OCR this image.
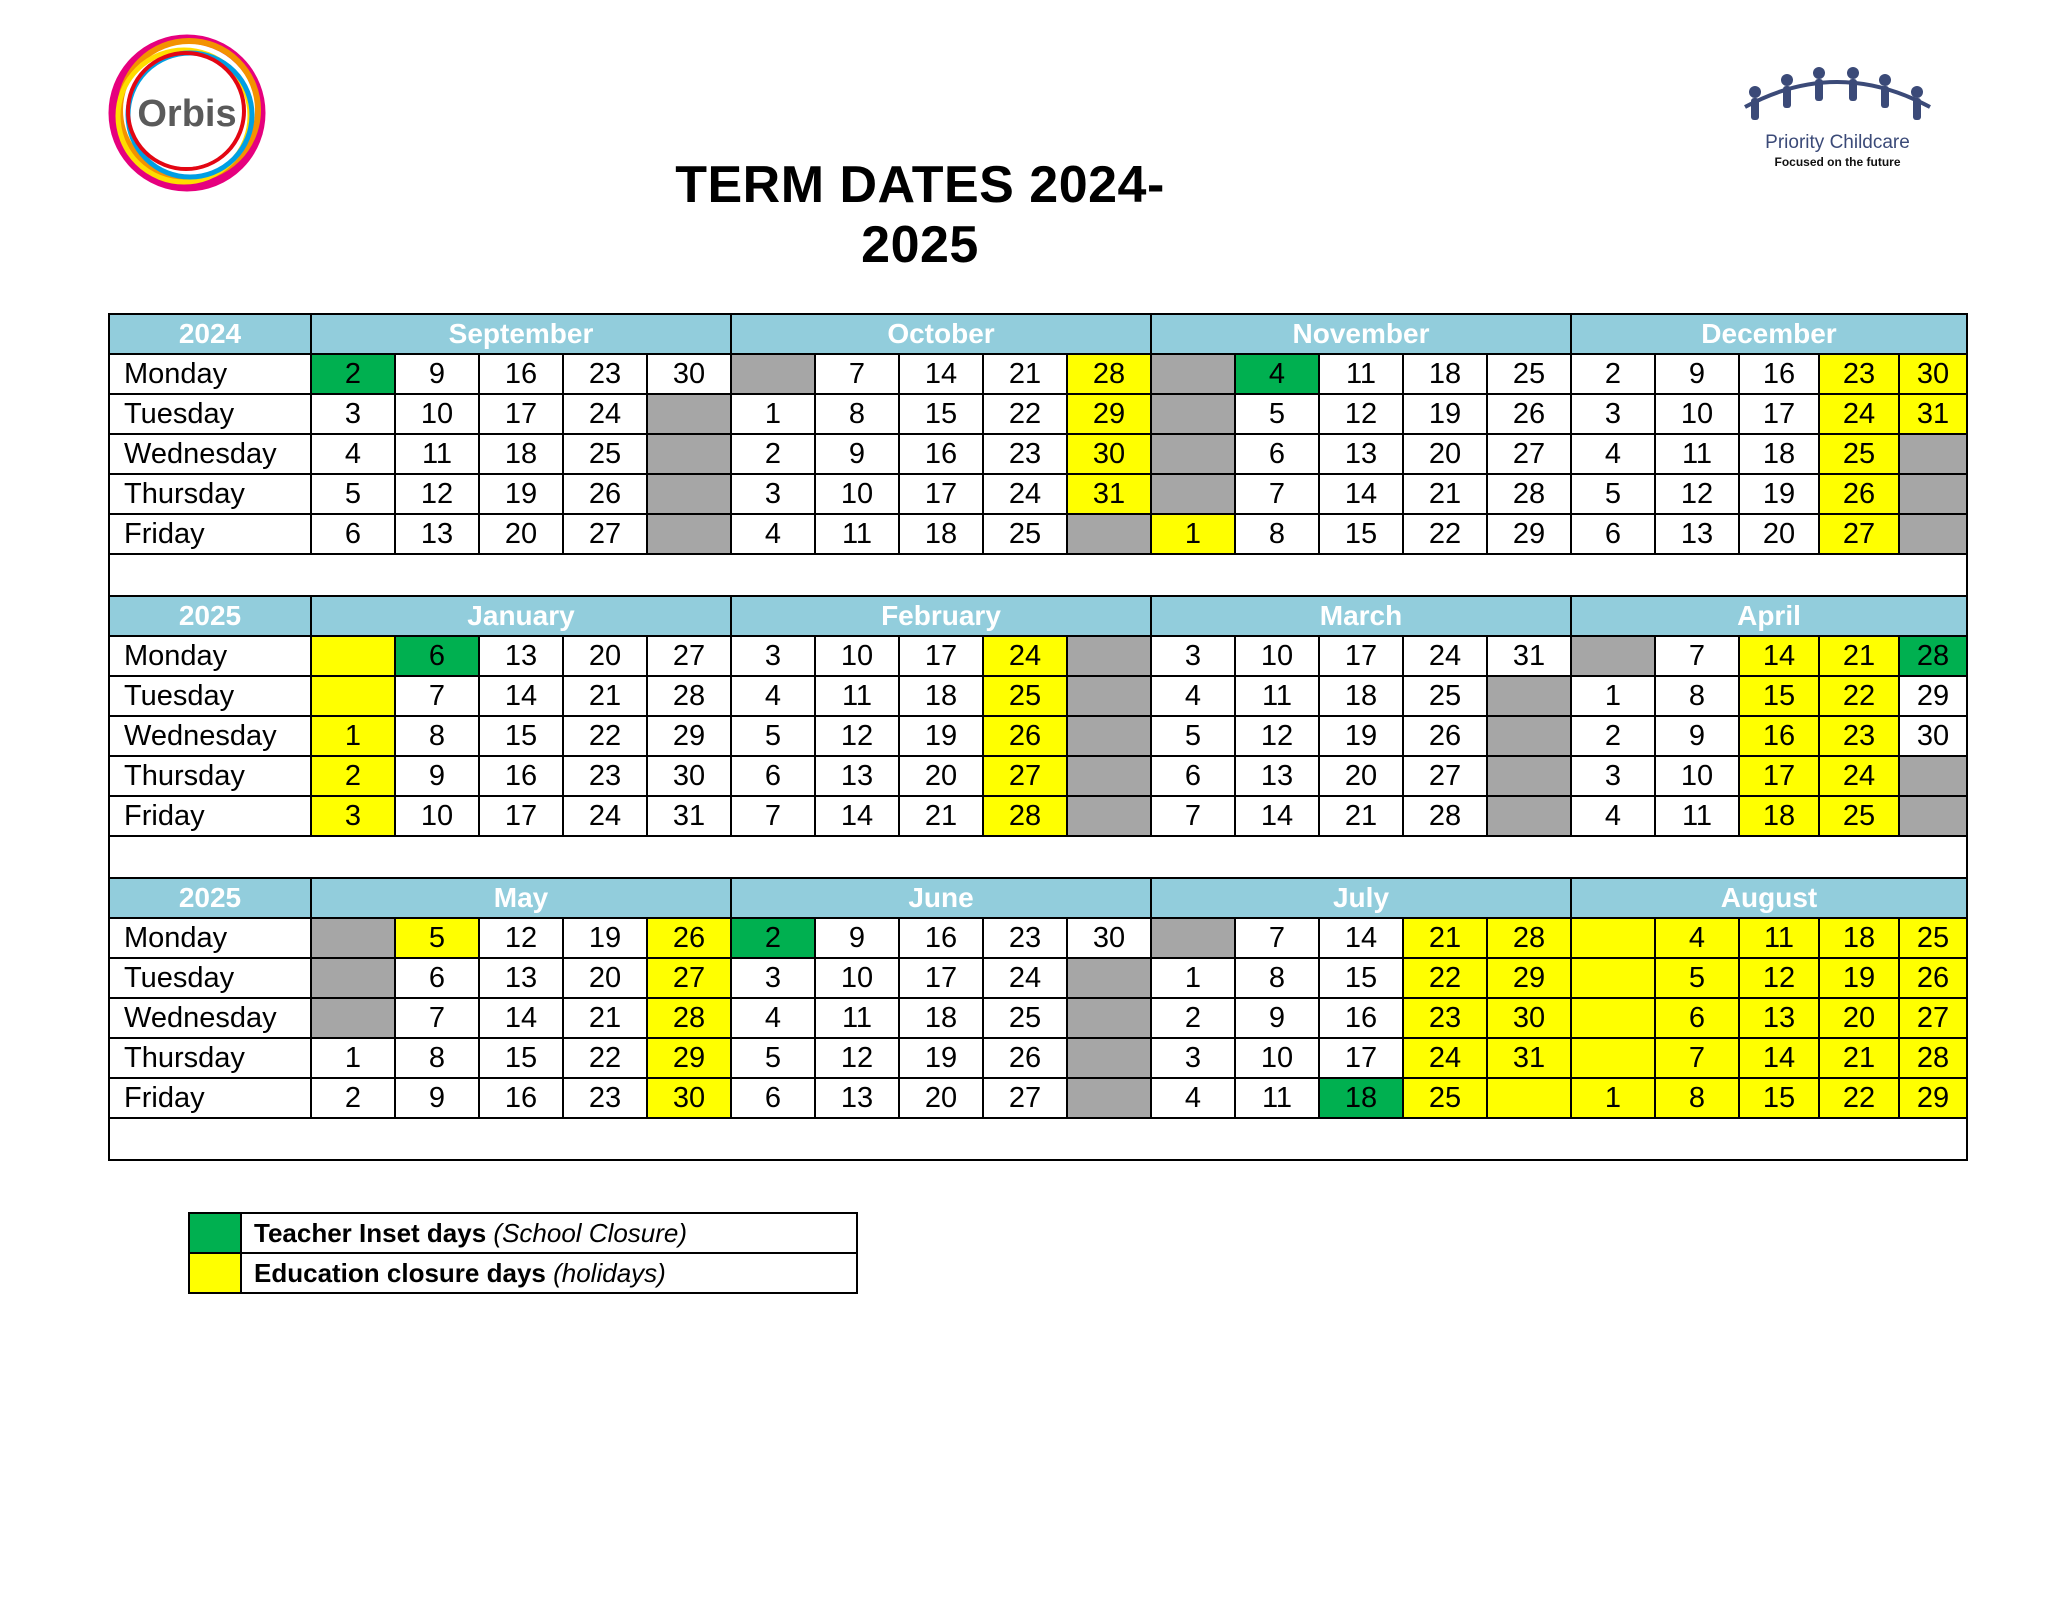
Orbis
Priority Childcare
Focused on the future
TERM DATES 2024-2025
2024	September					October					November					December				
Monday	2	9	16	23	30		7	14	21	28		4	11	18	25	2	9	16	23	30
Tuesday	3	10	17	24		1	8	15	22	29		5	12	19	26	3	10	17	24	31
Wednesday	4	11	18	25		2	9	16	23	30		6	13	20	27	4	11	18	25	
Thursday	5	12	19	26		3	10	17	24	31		7	14	21	28	5	12	19	26	
Friday	6	13	20	27		4	11	18	25		1	8	15	22	29	6	13	20	27	

2025	January					February					March					April				
Monday		6	13	20	27	3	10	17	24		3	10	17	24	31		7	14	21	28
Tuesday		7	14	21	28	4	11	18	25		4	11	18	25		1	8	15	22	29
Wednesday	1	8	15	22	29	5	12	19	26		5	12	19	26		2	9	16	23	30
Thursday	2	9	16	23	30	6	13	20	27		6	13	20	27		3	10	17	24	
Friday	3	10	17	24	31	7	14	21	28		7	14	21	28		4	11	18	25	

2025	May					June					July					August				
Monday		5	12	19	26	2	9	16	23	30		7	14	21	28		4	11	18	25
Tuesday		6	13	20	27	3	10	17	24		1	8	15	22	29		5	12	19	26
Wednesday		7	14	21	28	4	11	18	25		2	9	16	23	30		6	13	20	27
Thursday	1	8	15	22	29	5	12	19	26		3	10	17	24	31		7	14	21	28
Friday	2	9	16	23	30	6	13	20	27		4	11	18	25		1	8	15	22	29

	Teacher Inset days (School Closure)
	Education closure days (holidays)
